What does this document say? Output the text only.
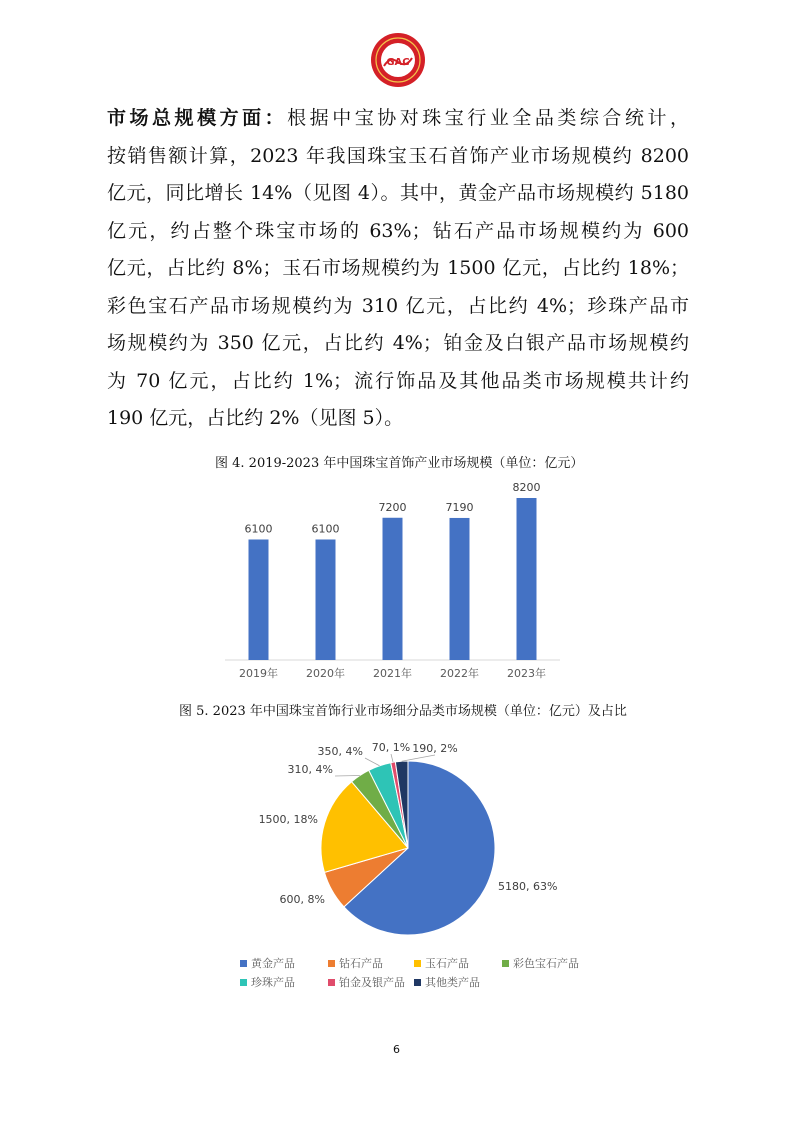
GAC
市场总规模方面：根据中宝协对珠宝行业全品类综合统计，
按销售额计算，2023 年我国珠宝玉石首饰产业市场规模约 8200
亿元，同比增长 14%（见图 4）。其中，黄金产品市场规模约 5180
亿元，约占整个珠宝市场的 63%；钻石产品市场规模约为 600
亿元，占比约 8%；玉石市场规模约为 1500 亿元，占比约 18%；
彩色宝石产品市场规模约为 310 亿元，占比约 4%；珍珠产品市
场规模约为 350 亿元，占比约 4%；铂金及白银产品市场规模约
为 70 亿元，占比约 1%；流行饰品及其他品类市场规模共计约
190 亿元，占比约 2%（见图 5）。
图 4. 2019-2023 年中国珠宝首饰产业市场规模（单位：亿元）
6100
2019年
6100
2020年
7200
2021年
7190
2022年
8200
2023年
图 5. 2023 年中国珠宝首饰行业市场细分品类市场规模（单位：亿元）及占比
5180, 63%
600, 8%
1500, 18%
310, 4%
350, 4% 70, 1% 190, 2%
黄金产品	钻石产品	玉石产品	彩色宝石产品
珍珠产品	铂金及银产品 其他类产品
6
